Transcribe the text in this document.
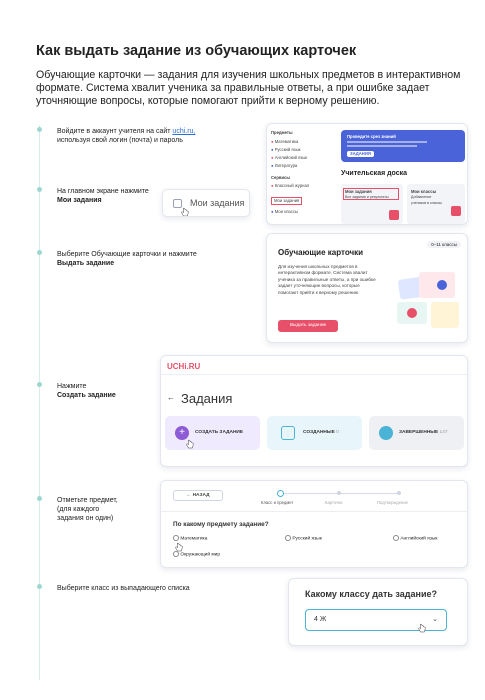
Как выдать задание из обучающих карточек
Обучающие карточки — задания для изучения школьных предметов в интерактивном формате. Система хвалит ученика за правильные ответы, а при ошибке задает уточняющие вопросы, которые помогают прийти к верному решению.
Войдите в аккаунт учителя на сайт uchi.ru,
используя свой логин (почта) и пароль
На главном экране нажмите
Мои задания
Выберите Обучающие карточки и нажмите
Выдать задание
Нажмите
Создать задание
Отметьте предмет,
(для каждого
задания он один)
Выберите класс из выпадающего списка
Предметы
● Математика
● Русский язык
● Английский язык
● Литература
Сервисы
● Классный журнал
Мои задания
● Мои классы
Проведите срез знаний
ЗАДАНИЯ
Учительская доска
Мои задания
Все задания и результаты
Мои классы
Добавление учеников в классы
Мои задания
Обучающие карточки
0–11 классы
Для изучения школьных предметов в интерактивном формате. Система хвалит ученика за правильные ответы, а при ошибке задает уточняющие вопросы, которые помогают прийти к верному решению
Выдать задание
UCHi.RU
← Задания
+	СОЗДАТЬ ЗАДАНИЕ	СОЗДАННЫЕ 0	ЗАВЕРШЕННЫЕ 147
← НАЗАД
Класс и предмет	Карточки	Подтверждение
По какому предмету задание?
Математика	Русский язык	Английский язык
Окружающий мир
Какому классу дать задание?
4 Ж	⌄
